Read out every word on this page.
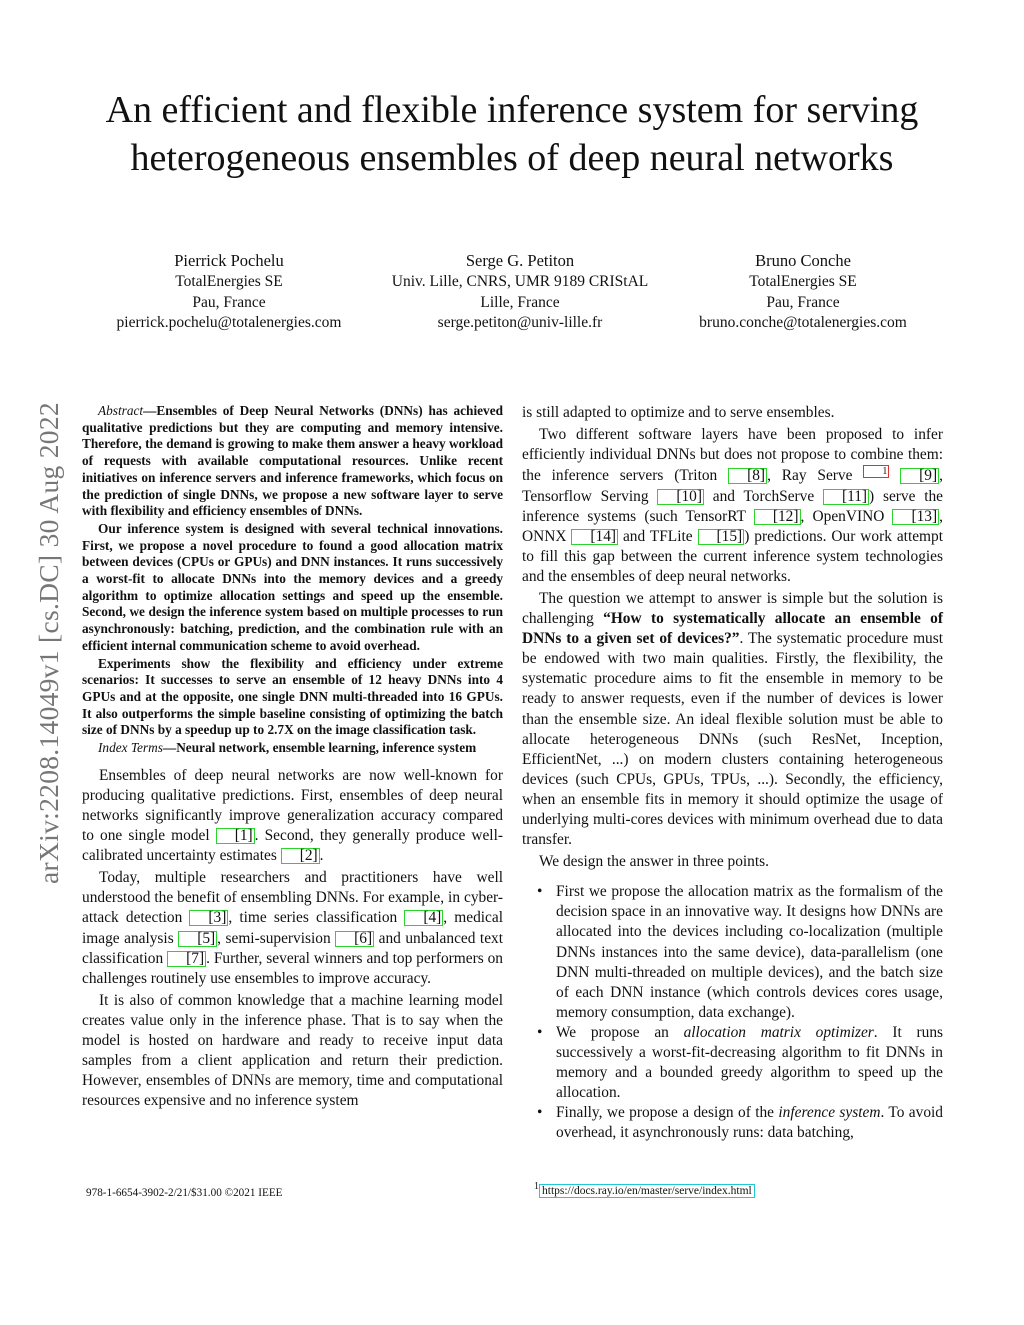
arXiv:2208.14049v1 [cs.DC] 30 Aug 2022
An efficient and flexible inference system for serving heterogeneous ensembles of deep neural networks
Pierrick Pochelu
TotalEnergies SE
Pau, France
pierrick.pochelu@totalenergies.com
Serge G. Petiton
Univ. Lille, CNRS, UMR 9189 CRIStAL
Lille, France
serge.petiton@univ-lille.fr
Bruno Conche
TotalEnergies SE
Pau, France
bruno.conche@totalenergies.com

Abstract—Ensembles of Deep Neural Networks (DNNs) has achieved qualitative predictions but they are computing and memory intensive. Therefore, the demand is growing to make them answer a heavy workload of requests with available computational resources. Unlike recent initiatives on inference servers and inference frameworks, which focus on the prediction of single DNNs, we propose a new software layer to serve with flexibility and efficiency ensembles of DNNs.

Our inference system is designed with several technical innovations. First, we propose a novel procedure to found a good allocation matrix between devices (CPUs or GPUs) and DNN instances. It runs successively a worst-fit to allocate DNNs into the memory devices and a greedy algorithm to optimize allocation settings and speed up the ensemble. Second, we design the inference system based on multiple processes to run asynchronously: batching, prediction, and the combination rule with an efficient internal communication scheme to avoid overhead.

Experiments show the flexibility and efficiency under extreme scenarios: It successes to serve an ensemble of 12 heavy DNNs into 4 GPUs and at the opposite, one single DNN multi-threaded into 16 GPUs. It also outperforms the simple baseline consisting of optimizing the batch size of DNNs by a speedup up to 2.7X on the image classification task.

Index Terms—Neural network, ensemble learning, inference system

Ensembles of deep neural networks are now well-known for producing qualitative predictions. First, ensembles of deep neural networks significantly improve generalization accuracy compared to one single model [1] . Second, they generally produce well-calibrated uncertainty estimates [2] .

Today, multiple researchers and practitioners have well understood the benefit of ensembling DNNs. For example, in cyber-attack detection [3] , time series classification [4] , medical image analysis [5] , semi-supervision [6] and unbalanced text classification [7] . Further, several winners and top performers on challenges routinely use ensembles to improve accuracy.

It is also of common knowledge that a machine learning model creates value only in the inference phase. That is to say when the model is hosted on hardware and ready to receive input data samples from a client application and return their prediction. However, ensembles of DNNs are memory, time and computational resources expensive and no inference system

is still adapted to optimize and to serve ensembles.

Two different software layers have been proposed to infer efficiently individual DNNs but does not propose to combine them: the inference servers (Triton [8] , Ray Serve 1 [9] , Tensorflow Serving [10] and TorchServe [11] ) serve the inference systems (such TensorRT [12] , OpenVINO [13] , ONNX [14] and TFLite [15] ) predictions. Our work attempt to fill this gap between the current inference system technologies and the ensembles of deep neural networks.

The question we attempt to answer is simple but the solution is challenging “How to systematically allocate an ensemble of DNNs to a given set of devices?”. The systematic procedure must be endowed with two main qualities. Firstly, the flexibility, the systematic procedure aims to fit the ensemble in memory to be ready to answer requests, even if the number of devices is lower than the ensemble size. An ideal flexible solution must be able to allocate heterogeneous DNNs (such ResNet, Inception, EfficientNet, ...) on modern clusters containing heterogeneous devices (such CPUs, GPUs, TPUs, ...). Secondly, the efficiency, when an ensemble fits in memory it should optimize the usage of underlying multi-cores devices with minimum overhead due to data transfer.

We design the answer in three points.

• First we propose the allocation matrix as the formalism of the decision space in an innovative way. It designs how DNNs are allocated into the devices including co-localization (multiple DNNs instances into the same device), data-parallelism (one DNN multi-threaded on multiple devices), and the batch size of each DNN instance (which controls devices cores usage, memory consumption, data exchange).
• We propose an allocation matrix optimizer. It runs successively a worst-fit-decreasing algorithm to fit DNNs in memory and a bounded greedy algorithm to speed up the allocation.
• Finally, we propose a design of the inference system. To avoid overhead, it asynchronously runs: data batching,
978-1-6654-3902-2/21/$31.00 ©2021 IEEE
1 https://docs.ray.io/en/master/serve/index.html
